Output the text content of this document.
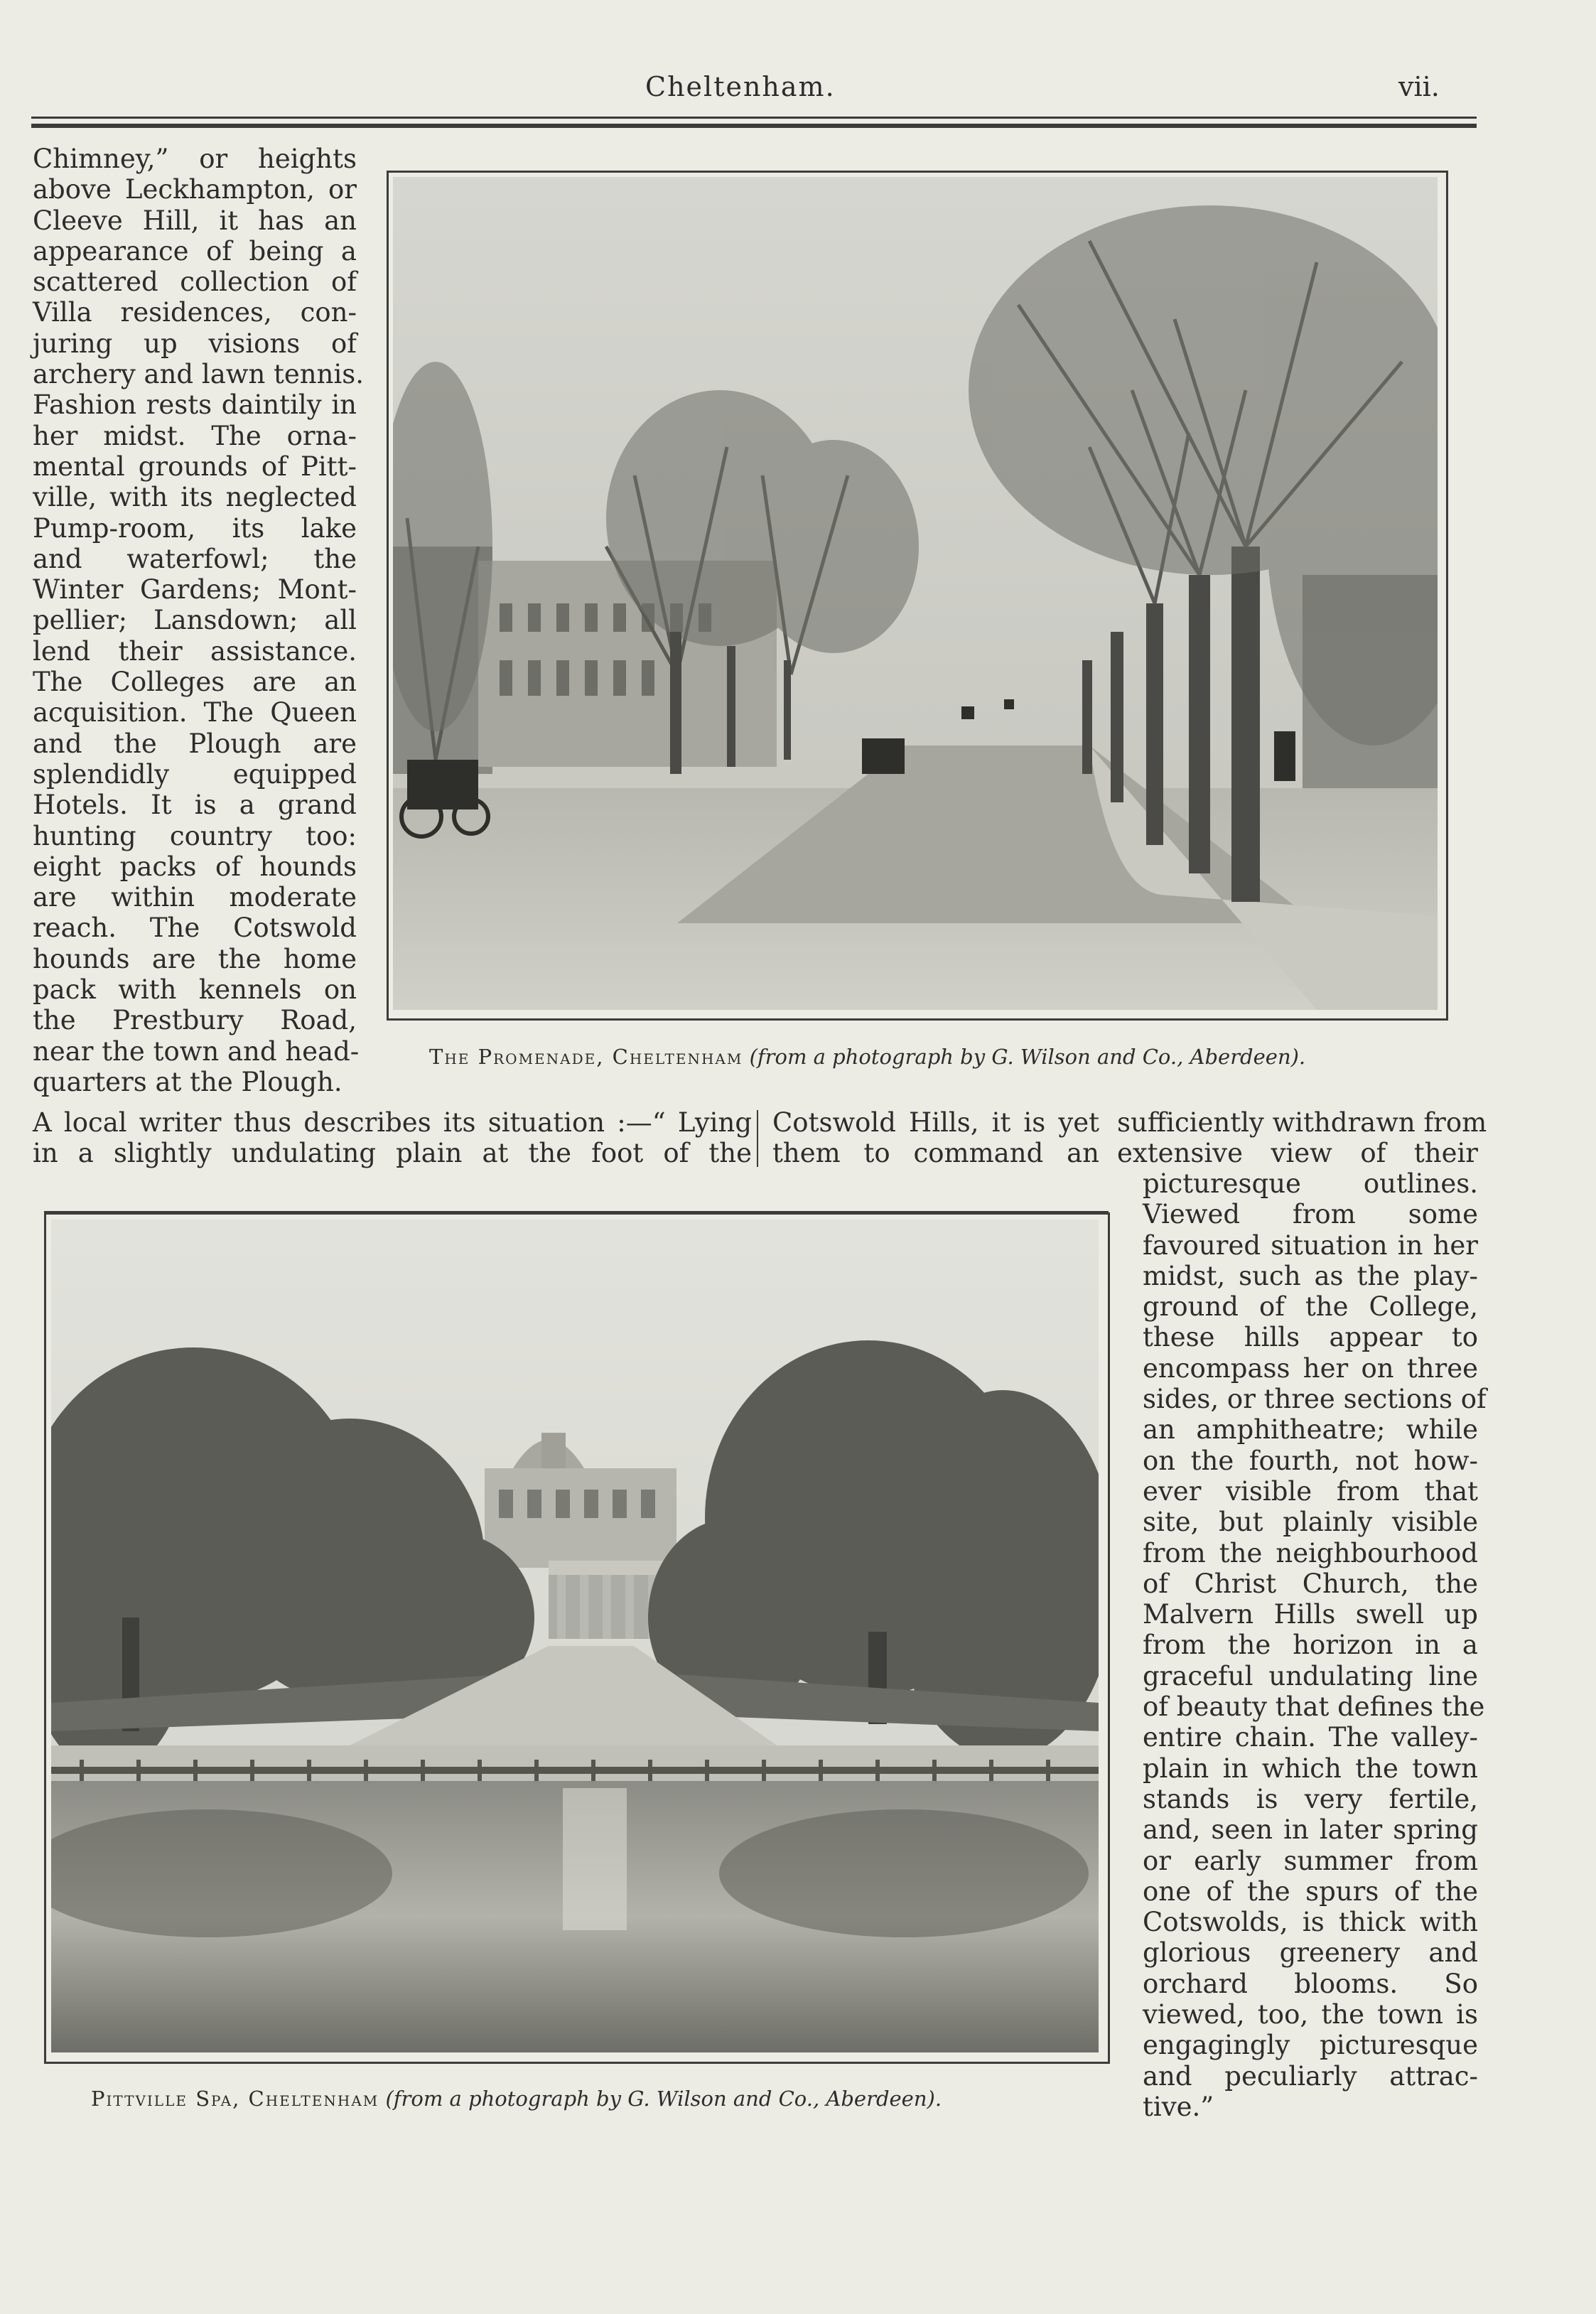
Cheltenham.	vii.
Chimney,” or heights
above Leckhampton, or
Cleeve Hill, it has an
appearance of being a
scattered collection of
Villa residences, con-
juring up visions of
archery and lawn tennis.
Fashion rests daintily in
her midst. The orna-
mental grounds of Pitt-
ville, with its neglected
Pump-room, its lake
and waterfowl; the
Winter Gardens; Mont-
pellier; Lansdown; all
lend their assistance.
The Colleges are an
acquisition. The Queen
and the Plough are
splendidly equipped
Hotels. It is a grand
hunting country too:
eight packs of hounds
are within moderate
reach. The Cotswold
hounds are the home
pack with kennels on
the Prestbury Road,
near the town and head-
quarters at the Plough.
The Promenade, Cheltenham (from a photograph by G. Wilson and Co., Aberdeen).
A local writer thus describes its situation :—“ Lying
in a slightly undulating plain at the foot of the
Cotswold Hills, it is yet
them to command an
sufficiently withdrawn from
extensive view of their
Pittville Spa, Cheltenham (from a photograph by G. Wilson and Co., Aberdeen).
picturesque outlines.
Viewed from some
favoured situation in her
midst, such as the play-
ground of the College,
these hills appear to
encompass her on three
sides, or three sections of
an amphitheatre; while
on the fourth, not how-
ever visible from that
site, but plainly visible
from the neighbourhood
of Christ Church, the
Malvern Hills swell up
from the horizon in a
graceful undulating line
of beauty that defines the
entire chain. The valley-
plain in which the town
stands is very fertile,
and, seen in later spring
or early summer from
one of the spurs of the
Cotswolds, is thick with
glorious greenery and
orchard blooms. So
viewed, too, the town is
engagingly picturesque
and peculiarly attrac-
tive.”
